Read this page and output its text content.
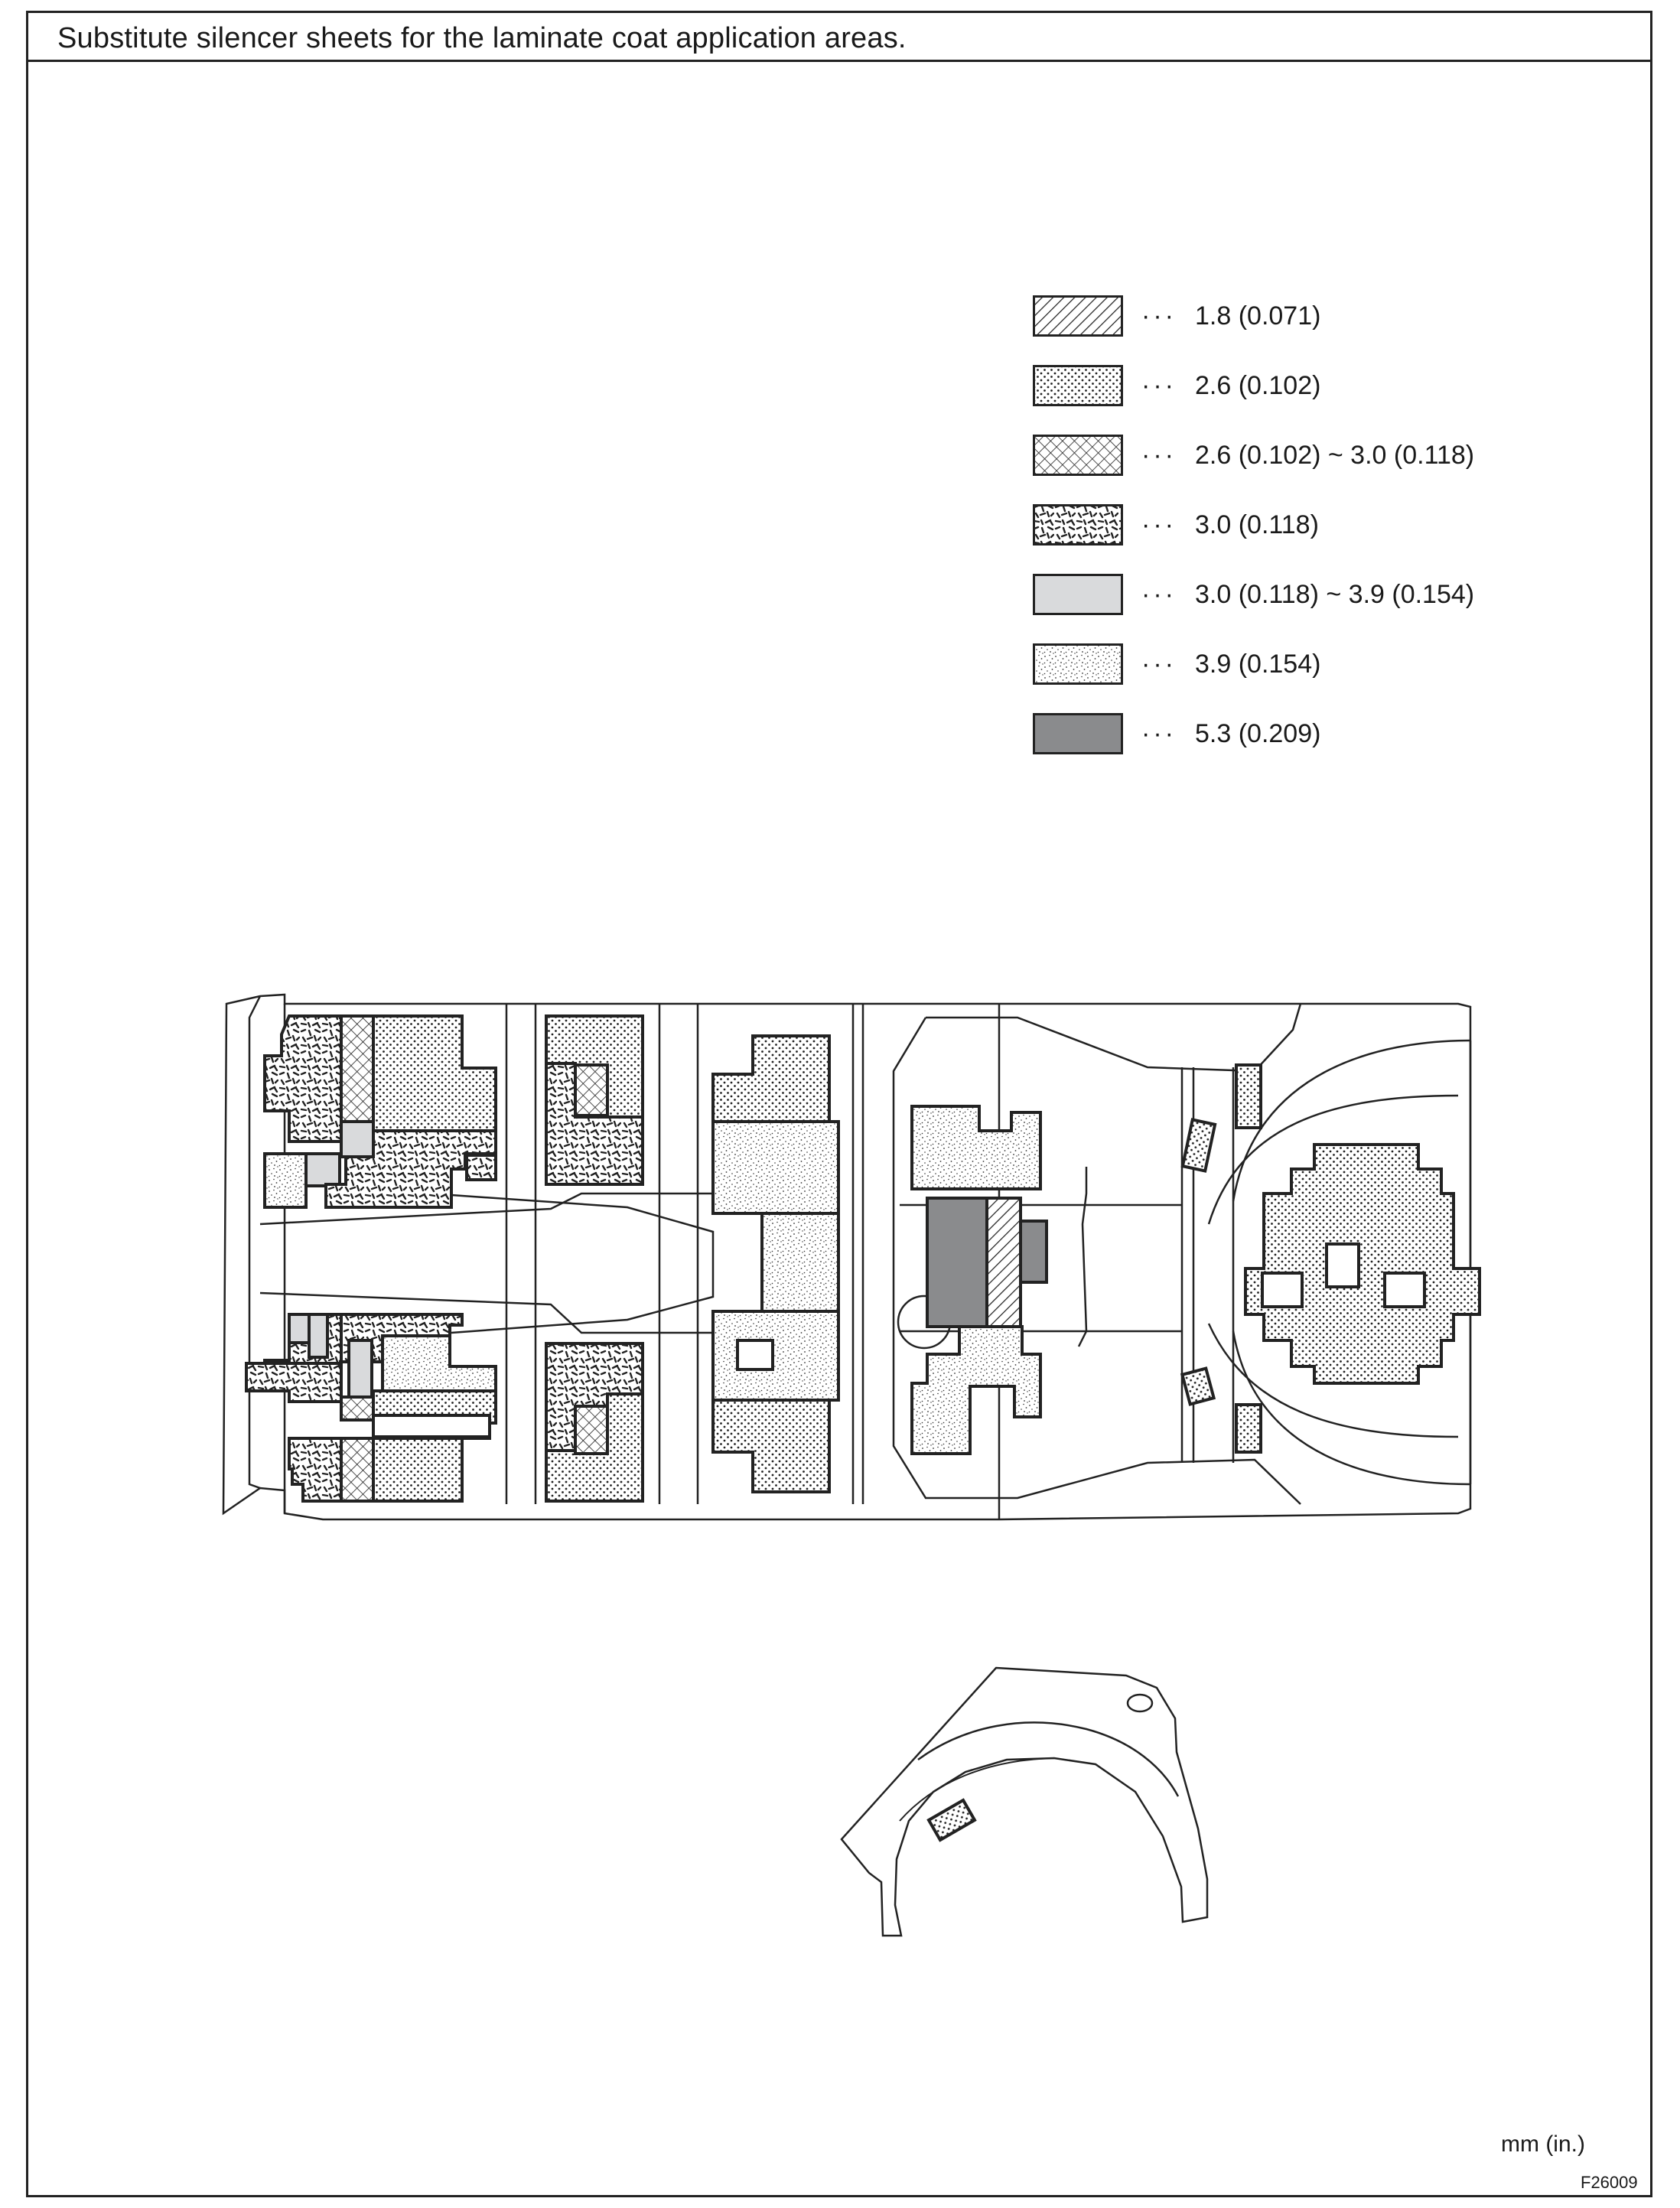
Substitute silencer sheets for the laminate coat application areas.
··· 1.8 (0.071)
··· 2.6 (0.102)
··· 2.6 (0.102) ~ 3.0 (0.118)
··· 3.0 (0.118)
··· 3.0 (0.118) ~ 3.9 (0.154)
··· 3.9 (0.154)
··· 5.3 (0.209)
mm (in.)
F26009
